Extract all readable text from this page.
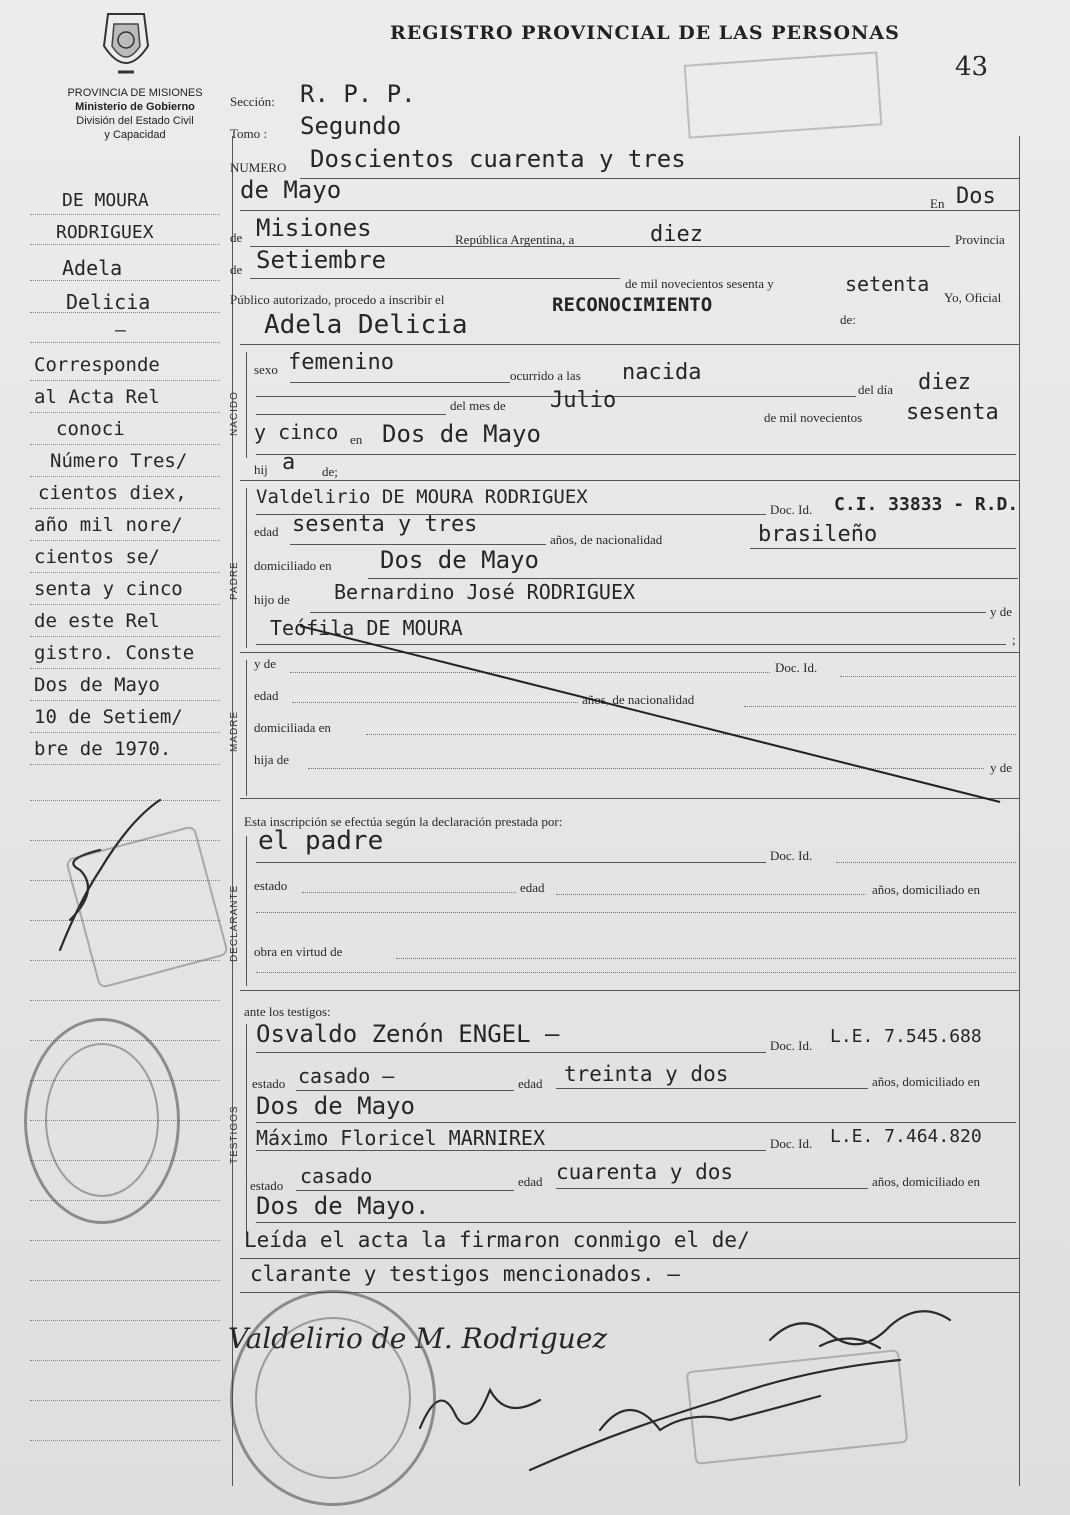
PROVINCIA DE MISIONES
Ministerio de Gobierno
División del Estado Civil
y Capacidad
REGISTRO PROVINCIAL DE LAS PERSONAS
43
DE MOURA
RODRIGUEX
Adela
Delicia
—
Corresponde
al Acta Rel
conoci
Número Tres/
cientos diex,
año mil nore/
cientos se/
senta y cinco
de este Rel
gistro. Conste
Dos de Mayo
10 de Setiem/
bre de 1970.
Sección: R. P. P.
Tomo : Segundo
NUMERO Doscientos cuarenta y tres
de Mayo	En Dos
de Misiones	República Argentina, a	diez	Provincia
de Setiembre
de mil novecientos sesenta y	setenta
Yo, Oficial
Público autorizado, procedo a inscribir el	RECONOCIMIENTO
de:
Adela Delicia
NACIDO
sexo femenino
ocurrido a las nacida
del día diez
del mes de Julio
de mil novecientos sesenta
y cinco en Dos de Mayo
hij a de;
PADRE
Valdelirio DE MOURA RODRIGUEX
Doc. Id. C.I. 33833 - R.D.
edad sesenta y tres
años, de nacionalidad	brasileño
domiciliado en Dos de Mayo
hijo de Bernardino José RODRIGUEX
y de
Teófila DE MOURA	;
MADRE
y de	Doc. Id.
edad	años, de nacionalidad
domiciliada en
hija de
y de
Esta inscripción se efectúa según la declaración prestada por:
DECLARANTE
el padre	Doc. Id.
estado	edad	años, domiciliado en
obra en virtud de
ante los testigos:
TESTIGOS
Osvaldo Zenón ENGEL —	Doc. Id. L.E. 7.545.688
estado casado —	edad treinta y dos	años, domiciliado en
Dos de Mayo
Máximo Floricel MARNIREX	Doc. Id. L.E. 7.464.820
estado casado	edad cuarenta y dos	años, domiciliado en
Dos de Mayo.
Leída el acta la firmaron conmigo el de/
clarante y testigos mencionados. —
Valdelirio de M. Rodriguez
